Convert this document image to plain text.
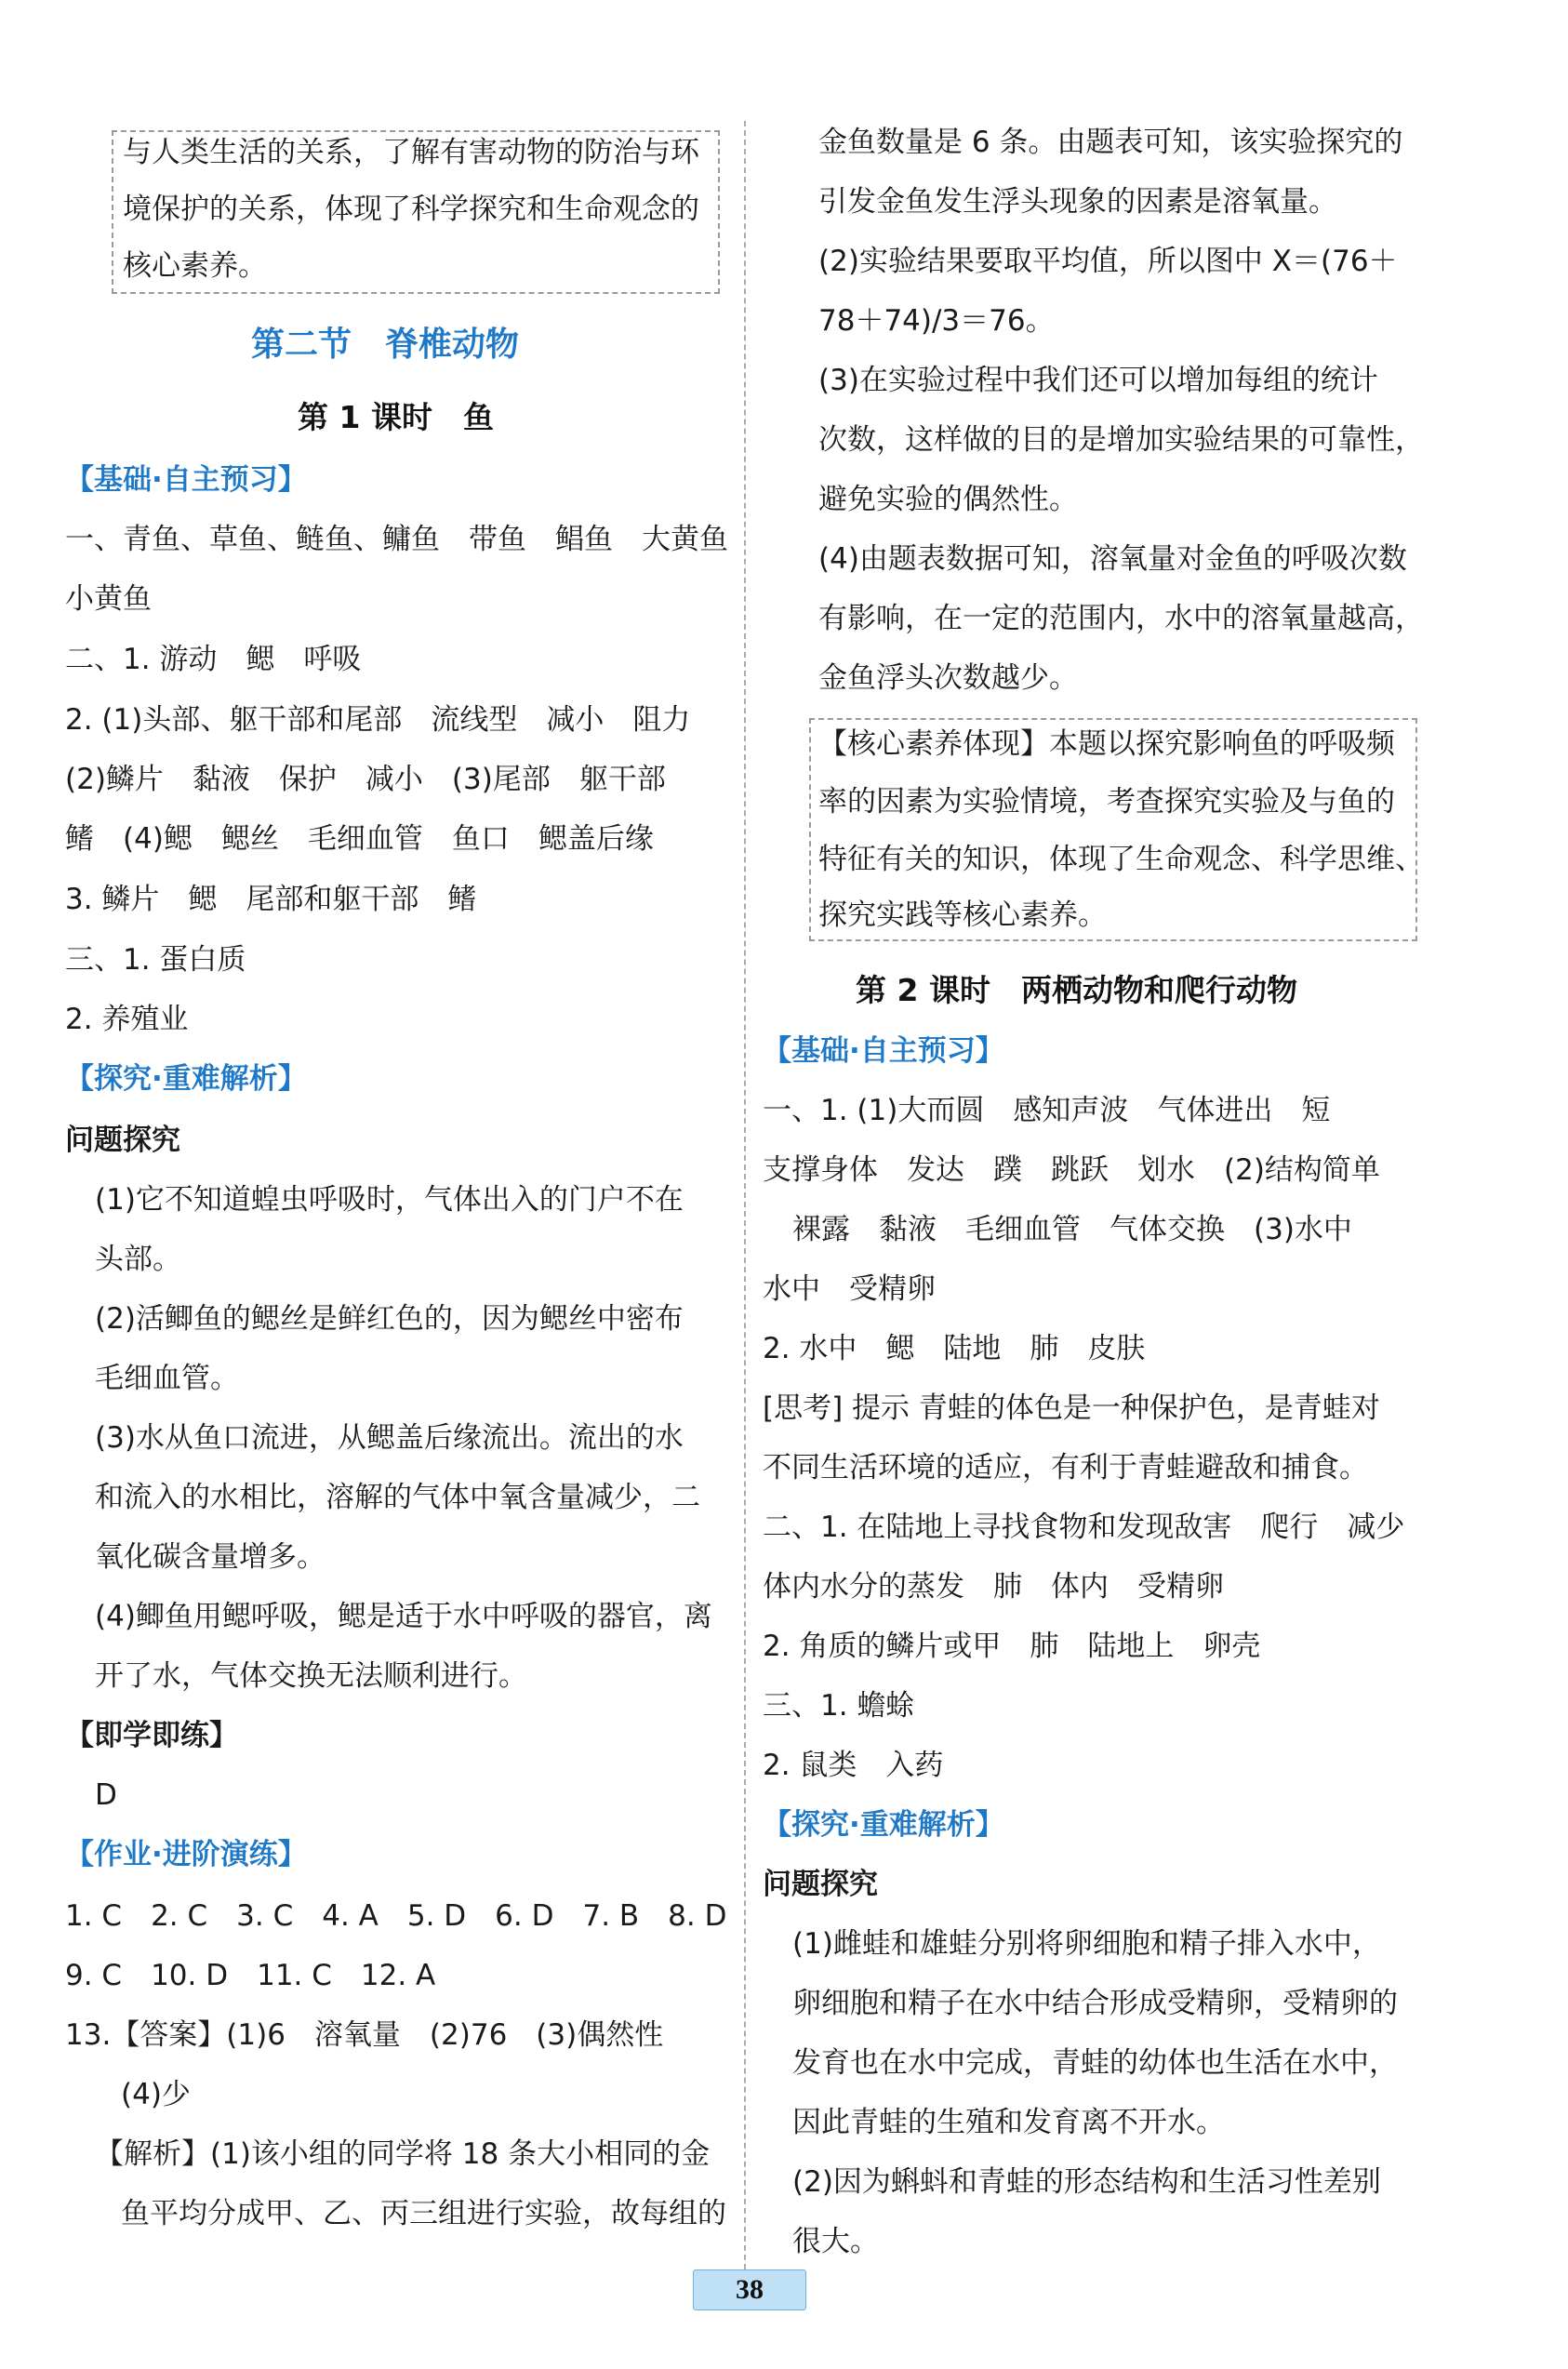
与人类生活的关系，了解有害动物的防治与环
境保护的关系，体现了科学探究和生命观念的
核心素养。
第二节　脊椎动物
第 1 课时　鱼
【基础·自主预习】
一、青鱼、草鱼、鲢鱼、鳙鱼　带鱼　鲳鱼　大黄鱼
小黄鱼
二、1. 游动　鳃　呼吸
2. (1)头部、躯干部和尾部　流线型　减小　阻力
(2)鳞片　黏液　保护　减小　(3)尾部　躯干部
鳍　(4)鳃　鳃丝　毛细血管　鱼口　鳃盖后缘
3. 鳞片　鳃　尾部和躯干部　鳍
三、1. 蛋白质
2. 养殖业
【探究·重难解析】
问题探究
(1)它不知道蝗虫呼吸时，气体出入的门户不在
头部。
(2)活鲫鱼的鳃丝是鲜红色的，因为鳃丝中密布
毛细血管。
(3)水从鱼口流进，从鳃盖后缘流出。流出的水
和流入的水相比，溶解的气体中氧含量减少，二
氧化碳含量增多。
(4)鲫鱼用鳃呼吸，鳃是适于水中呼吸的器官，离
开了水，气体交换无法顺利进行。
【即学即练】
D
【作业·进阶演练】
1. C　2. C　3. C　4. A　5. D　6. D　7. B　8. D
9. C　10. D　11. C　12. A
13.【答案】(1)6　溶氧量　(2)76　(3)偶然性
(4)少
【解析】(1)该小组的同学将 18 条大小相同的金
鱼平均分成甲、乙、丙三组进行实验，故每组的
金鱼数量是 6 条。由题表可知，该实验探究的
引发金鱼发生浮头现象的因素是溶氧量。
(2)实验结果要取平均值，所以图中 X＝(76＋
78＋74)/3＝76。
(3)在实验过程中我们还可以增加每组的统计
次数，这样做的目的是增加实验结果的可靠性，
避免实验的偶然性。
(4)由题表数据可知，溶氧量对金鱼的呼吸次数
有影响，在一定的范围内，水中的溶氧量越高，
金鱼浮头次数越少。
【核心素养体现】本题以探究影响鱼的呼吸频
率的因素为实验情境，考查探究实验及与鱼的
特征有关的知识，体现了生命观念、科学思维、
探究实践等核心素养。
第 2 课时　两栖动物和爬行动物
【基础·自主预习】
一、1. (1)大而圆　感知声波　气体进出　短
支撑身体　发达　蹼　跳跃　划水　(2)结构简单
裸露　黏液　毛细血管　气体交换　(3)水中
水中　受精卵
2. 水中　鳃　陆地　肺　皮肤
[思考] 提示 青蛙的体色是一种保护色，是青蛙对
不同生活环境的适应，有利于青蛙避敌和捕食。
二、1. 在陆地上寻找食物和发现敌害　爬行　减少
体内水分的蒸发　肺　体内　受精卵
2. 角质的鳞片或甲　肺　陆地上　卵壳
三、1. 蟾蜍
2. 鼠类　入药
【探究·重难解析】
问题探究
(1)雌蛙和雄蛙分别将卵细胞和精子排入水中，
卵细胞和精子在水中结合形成受精卵，受精卵的
发育也在水中完成，青蛙的幼体也生活在水中，
因此青蛙的生殖和发育离不开水。
(2)因为蝌蚪和青蛙的形态结构和生活习性差别
很大。
38
